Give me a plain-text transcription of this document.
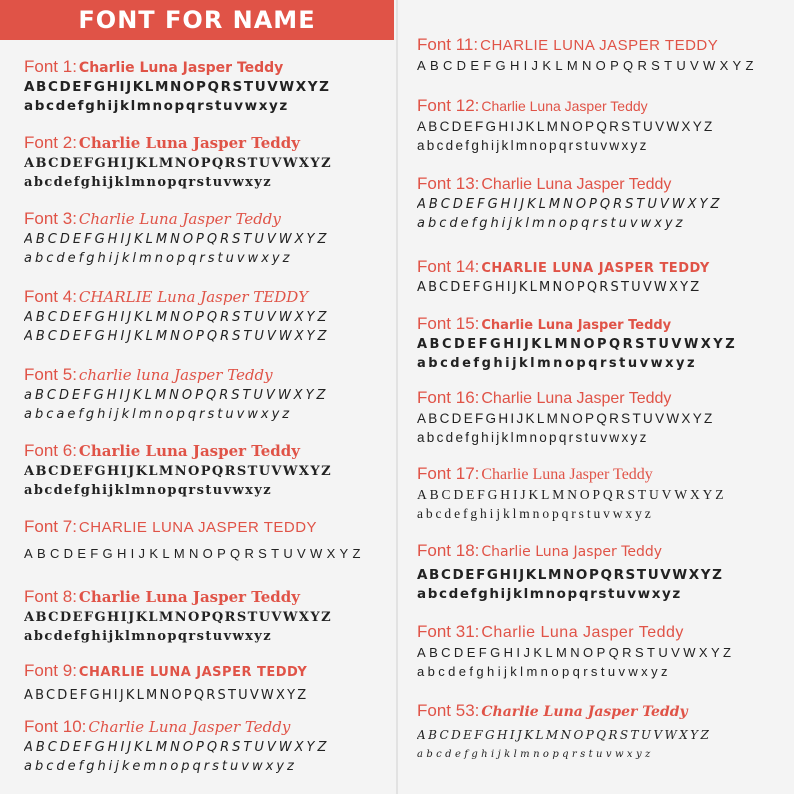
FONT FOR NAME
Font 1: Charlie Luna Jasper Teddy
ABCDEFGHIJKLMNOPQRSTUVWXYZ
abcdefghijklmnopqrstuvwxyz
Font 2: Charlie Luna Jasper Teddy
ABCDEFGHIJKLMNOPQRSTUVWXYZ
abcdefghijklmnopqrstuvwxyz
Font 3: Charlie Luna Jasper Teddy
ABCDEFGHIJKLMNOPQRSTUVWXYZ
abcdefghijklmnopqrstuvwxyz
Font 4: CHARLIE Luna Jasper TEDDY
ABCDEFGHIJKLMNOPQRSTUVWXYZ
ABCDEFGHIJKLMNOPQRSTUVWXYZ
Font 5: charlie luna Jasper Teddy
aBCDEFGHIJKLMNOPQRSTUVWXYZ
abcaefghijklmnopqrstuvwxyz
Font 6: Charlie Luna Jasper Teddy
ABCDEFGHIJKLMNOPQRSTUVWXYZ
abcdefghijklmnopqrstuvwxyz
Font 7: CHARLIE LUNA JASPER TEDDY
ABCDEFGHIJKLMNOPQRSTUVWXYZ
Font 8: Charlie Luna Jasper Teddy
ABCDEFGHIJKLMNOPQRSTUVWXYZ
abcdefghijklmnopqrstuvwxyz
Font 9: CHARLIE LUNA JASPER TEDDY
ABCDEFGHIJKLMNOPQRSTUVWXYZ
Font 10: Charlie Luna Jasper Teddy
ABCDEFGHIJKLMNOPQRSTUVWXYZ
abcdefghijkemnopqrstuvwxyz
Font 11: CHARLIE LUNA JASPER TEDDY
ABCDEFGHIJKLMNOPQRSTUVWXYZ
Font 12: Charlie Luna Jasper Teddy
ABCDEFGHIJKLMNOPQRSTUVWXYZ
abcdefghijklmnopqrstuvwxyz
Font 13: Charlie Luna Jasper Teddy
ABCDEFGHIJKLMNOPQRSTUVWXYZ
abcdefghijklmnopqrstuvwxyz
Font 14: CHARLIE LUNA JASPER TEDDY
ABCDEFGHIJKLMNOPQRSTUVWXYZ
Font 15: Charlie Luna Jasper Teddy
ABCDEFGHIJKLMNOPQRSTUVWXYZ
abcdefghijklmnopqrstuvwxyz
Font 16: Charlie Luna Jasper Teddy
ABCDEFGHIJKLMNOPQRSTUVWXYZ
abcdefghijklmnopqrstuvwxyz
Font 17: Charlie Luna Jasper Teddy
ABCDEFGHIJKLMNOPQRSTUVWXYZ
abcdefghijklmnopqrstuvwxyz
Font 18: Charlie Luna Jasper Teddy
ABCDEFGHIJKLMNOPQRSTUVWXYZ
abcdefghijklmnopqrstuvwxyz
Font 31: Charlie Luna Jasper Teddy
ABCDEFGHIJKLMNOPQRSTUVWXYZ
abcdefghijklmnopqrstuvwxyz
Font 53: Charlie Luna Jasper Teddy
ABCDEFGHIJKLMNOPQRSTUVWXYZ
abcdefghijklmnopqrstuvwxyz
